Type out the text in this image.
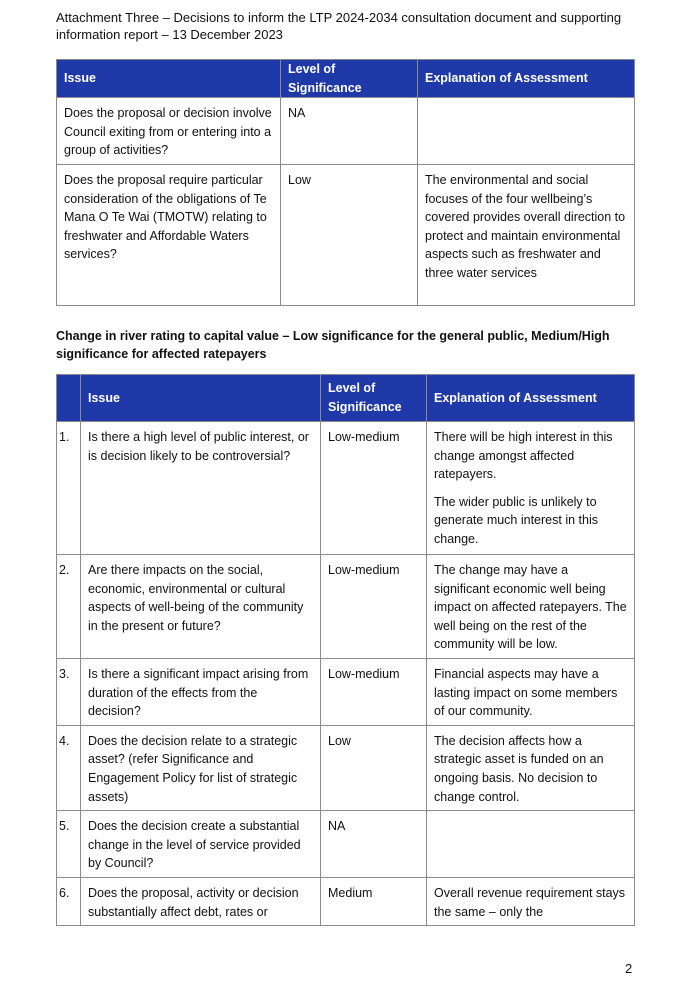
Attachment Three – Decisions to inform the LTP 2024-2034 consultation document and supporting
information report – 13 December 2023
Issue	Level of Significance	Explanation of Assessment
Does the proposal or decision involve Council exiting from or entering into a group of activities?	NA	
Does the proposal require particular consideration of the obligations of Te Mana O Te Wai (TMOTW) relating to freshwater and Affordable Waters services?	Low	The environmental and social focuses of the four wellbeing’s covered provides overall direction to protect and maintain environmental aspects such as freshwater and three water services
Change in river rating to capital value – Low significance for the general public, Medium/High significance for affected ratepayers
	Issue	Level of Significance	Explanation of Assessment
1.	Is there a high level of public interest, or is decision likely to be controversial?	Low-medium	There will be high interest in this change amongst affected ratepayers.

The wider public is unlikely to generate much interest in this change.

2.	Are there impacts on the social, economic, environmental or cultural aspects of well-being of the community in the present or future?	Low-medium	The change may have a significant economic well being impact on affected ratepayers. The well being on the rest of the community will be low.
3.	Is there a significant impact arising from duration of the effects from the decision?	Low-medium	Financial aspects may have a lasting impact on some members of our community.
4.	Does the decision relate to a strategic asset? (refer Significance and Engagement Policy for list of strategic assets)	Low	The decision affects how a strategic asset is funded on an ongoing basis. No decision to change control.
5.	Does the decision create a substantial change in the level of service provided by Council?	NA	
6.	Does the proposal, activity or decision substantially affect debt, rates or	Medium	Overall revenue requirement stays the same – only the
2
